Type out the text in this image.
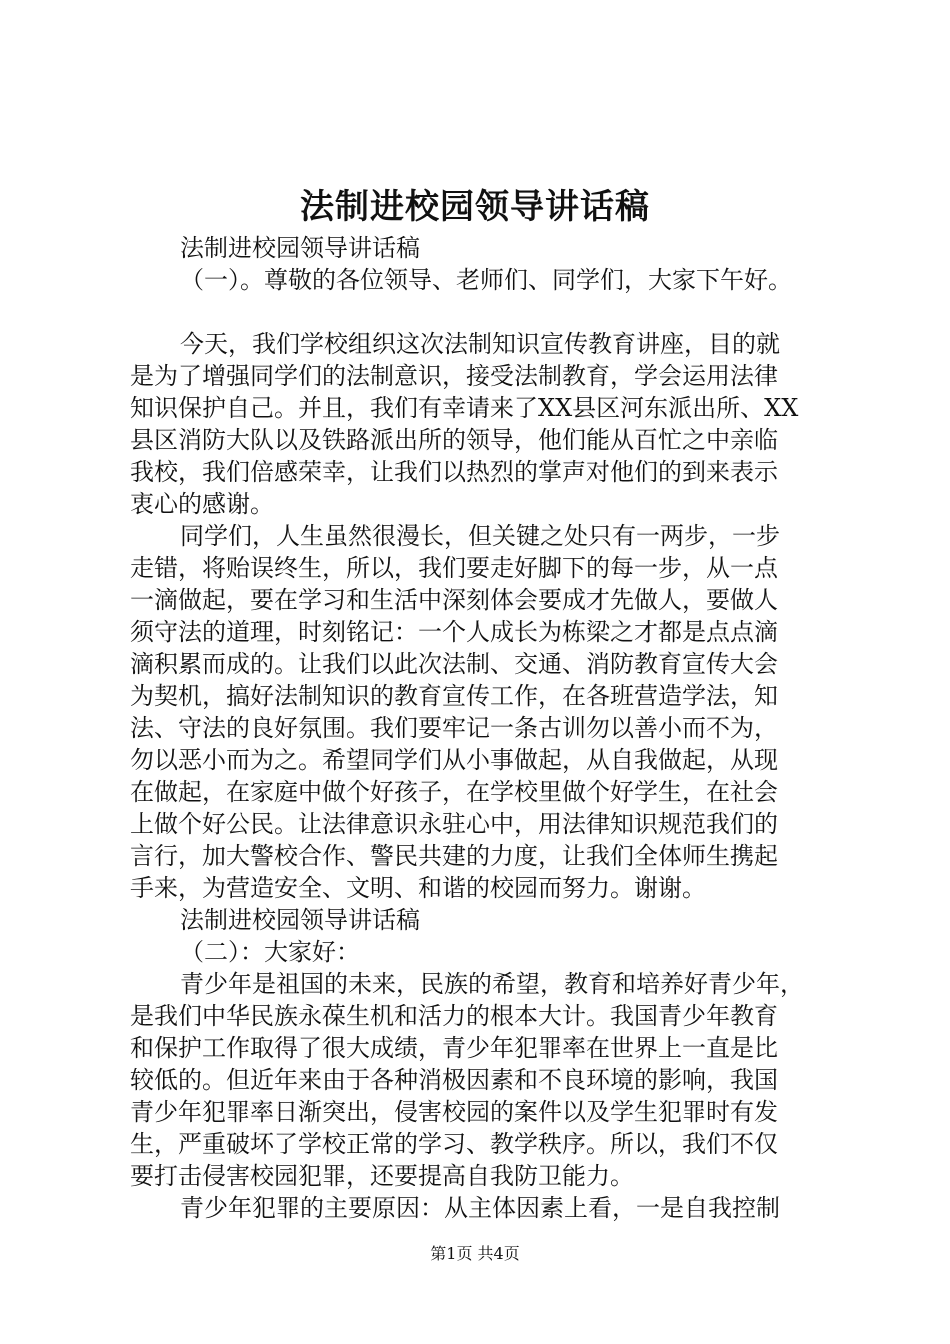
法制进校园领导讲话稿
法制进校园领导讲话稿
（一）。尊敬的各位领导、老师们、同学们，大家下午好。
今天，我们学校组织这次法制知识宣传教育讲座，目的就
是为了增强同学们的法制意识，接受法制教育，学会运用法律
知识保护自己。并且，我们有幸请来了XX县区河东派出所、XX
县区消防大队以及铁路派出所的领导，他们能从百忙之中亲临
我校，我们倍感荣幸，让我们以热烈的掌声对他们的到来表示
衷心的感谢。
同学们，人生虽然很漫长，但关键之处只有一两步，一步
走错，将贻误终生，所以，我们要走好脚下的每一步，从一点
一滴做起，要在学习和生活中深刻体会要成才先做人，要做人
须守法的道理，时刻铭记：一个人成长为栋梁之才都是点点滴
滴积累而成的。让我们以此次法制、交通、消防教育宣传大会
为契机，搞好法制知识的教育宣传工作，在各班营造学法，知
法、守法的良好氛围。我们要牢记一条古训勿以善小而不为，
勿以恶小而为之。希望同学们从小事做起，从自我做起，从现
在做起，在家庭中做个好孩子，在学校里做个好学生，在社会
上做个好公民。让法律意识永驻心中，用法律知识规范我们的
言行，加大警校合作、警民共建的力度，让我们全体师生携起
手来，为营造安全、文明、和谐的校园而努力。谢谢。
法制进校园领导讲话稿
（二）：大家好：
青少年是祖国的未来，民族的希望，教育和培养好青少年，
是我们中华民族永葆生机和活力的根本大计。我国青少年教育
和保护工作取得了很大成绩，青少年犯罪率在世界上一直是比
较低的。但近年来由于各种消极因素和不良环境的影响，我国
青少年犯罪率日渐突出，侵害校园的案件以及学生犯罪时有发
生，严重破坏了学校正常的学习、教学秩序。所以，我们不仅
要打击侵害校园犯罪，还要提高自我防卫能力。
青少年犯罪的主要原因：从主体因素上看，一是自我控制
第1页 共4页
